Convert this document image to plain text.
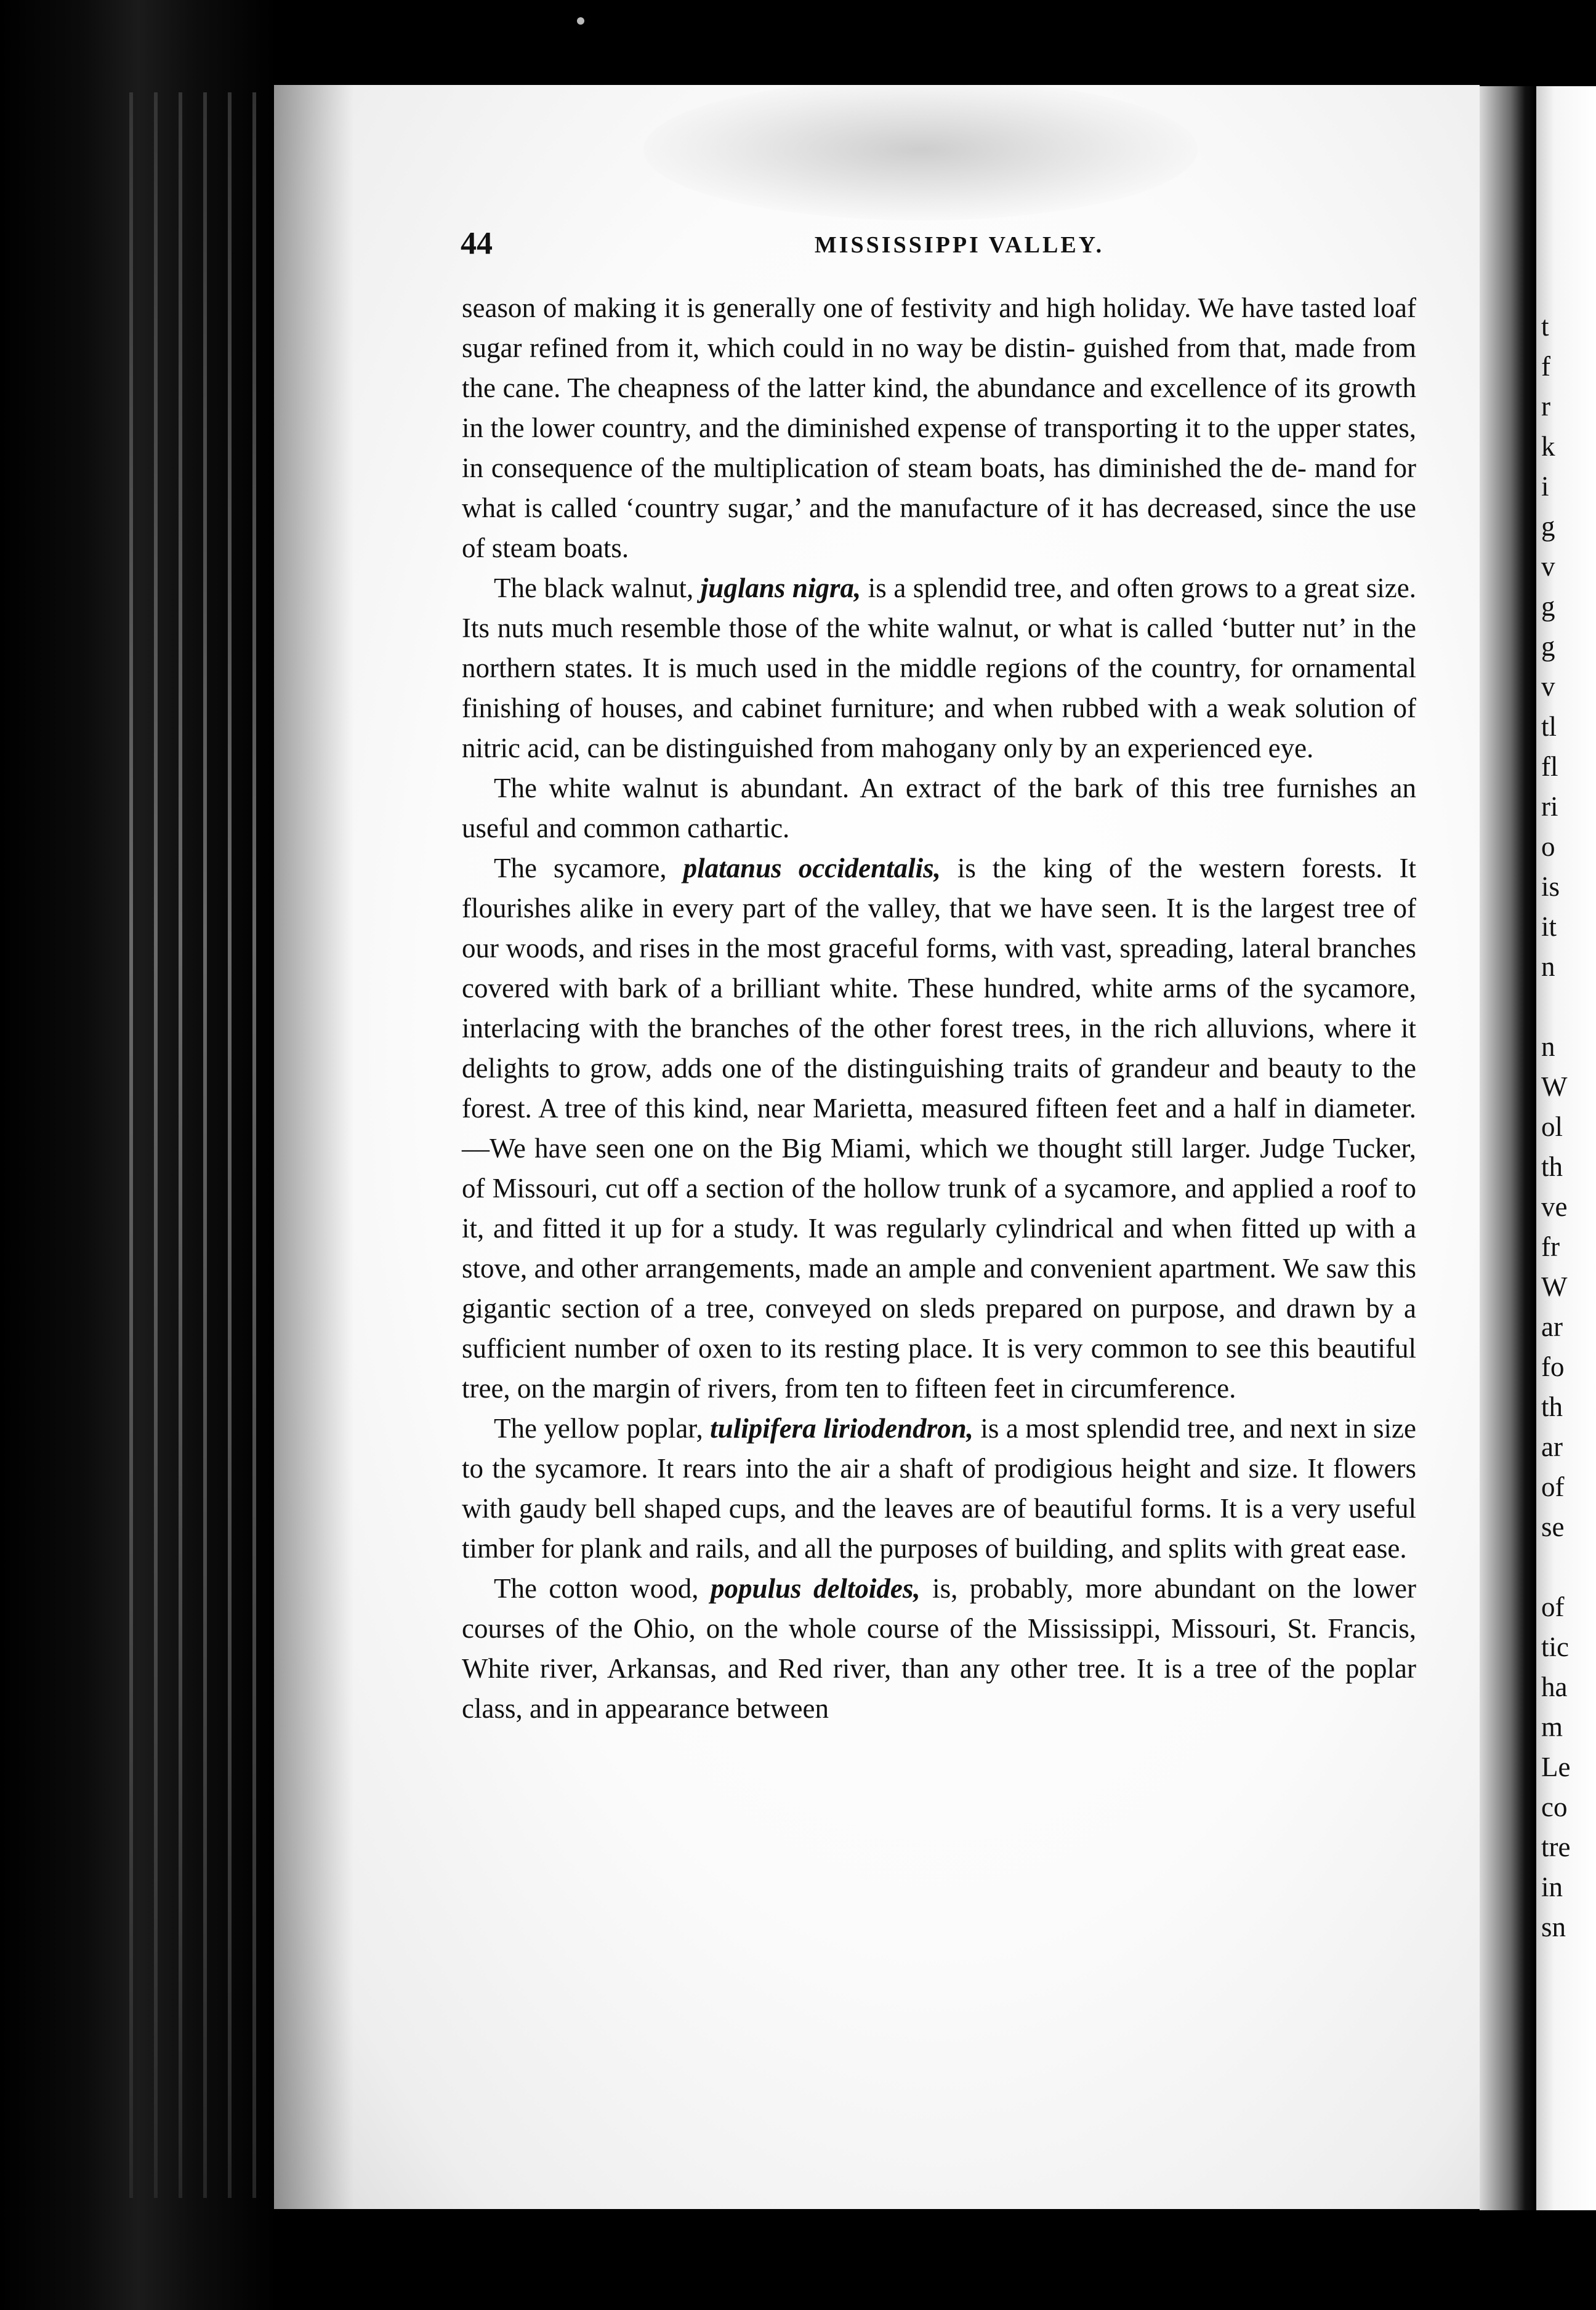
44	MISSISSIPPI VALLEY.

season of making it is generally one of festivity and high holiday. We have tasted loaf sugar refined from it, which could in no way be distin- guished from that, made from the cane. The cheapness of the latter kind, the abundance and excellence of its growth in the lower country, and the diminished expense of transporting it to the upper states, in consequence of the multiplication of steam boats, has diminished the de- mand for what is called ‘country sugar,’ and the manufacture of it has decreased, since the use of steam boats.

The black walnut, juglans nigra, is a splendid tree, and often grows to a great size. Its nuts much resemble those of the white walnut, or what is called ‘butter nut’ in the northern states. It is much used in the middle regions of the country, for ornamental finishing of houses, and cabinet furniture; and when rubbed with a weak solution of nitric acid, can be distinguished from mahogany only by an experienced eye.

The white walnut is abundant. An extract of the bark of this tree furnishes an useful and common cathartic.

The sycamore, platanus occidentalis, is the king of the western forests. It flourishes alike in every part of the valley, that we have seen. It is the largest tree of our woods, and rises in the most graceful forms, with vast, spreading, lateral branches covered with bark of a brilliant white. These hundred, white arms of the sycamore, interlacing with the branches of the other forest trees, in the rich alluvions, where it delights to grow, adds one of the distinguishing traits of grandeur and beauty to the forest. A tree of this kind, near Marietta, measured fifteen feet and a half in diameter.—We have seen one on the Big Miami, which we thought still larger. Judge Tucker, of Missouri, cut off a section of the hollow trunk of a sycamore, and applied a roof to it, and fitted it up for a study. It was regularly cylindrical and when fitted up with a stove, and other arrangements, made an ample and convenient apartment. We saw this gigantic section of a tree, conveyed on sleds prepared on purpose, and drawn by a sufficient number of oxen to its resting place. It is very common to see this beautiful tree, on the margin of rivers, from ten to fifteen feet in circumference.

The yellow poplar, tulipifera liriodendron, is a most splendid tree, and next in size to the sycamore. It rears into the air a shaft of prodigious height and size. It flowers with gaudy bell shaped cups, and the leaves are of beautiful forms. It is a very useful timber for plank and rails, and all the purposes of building, and splits with great ease.

The cotton wood, populus deltoides, is, probably, more abundant on the lower courses of the Ohio, on the whole course of the Mississippi, Missouri, St. Francis, White river, Arkansas, and Red river, than any other tree. It is a tree of the poplar class, and in appearance between

t
f
r
k
i
g
v
g
g
v
tl
fl
ri
o
is
it
n
n
W
ol
th
ve
fr
W
ar
fo
th
ar
of
se
of
tic
ha
m
Le
co
tre
in
sn
